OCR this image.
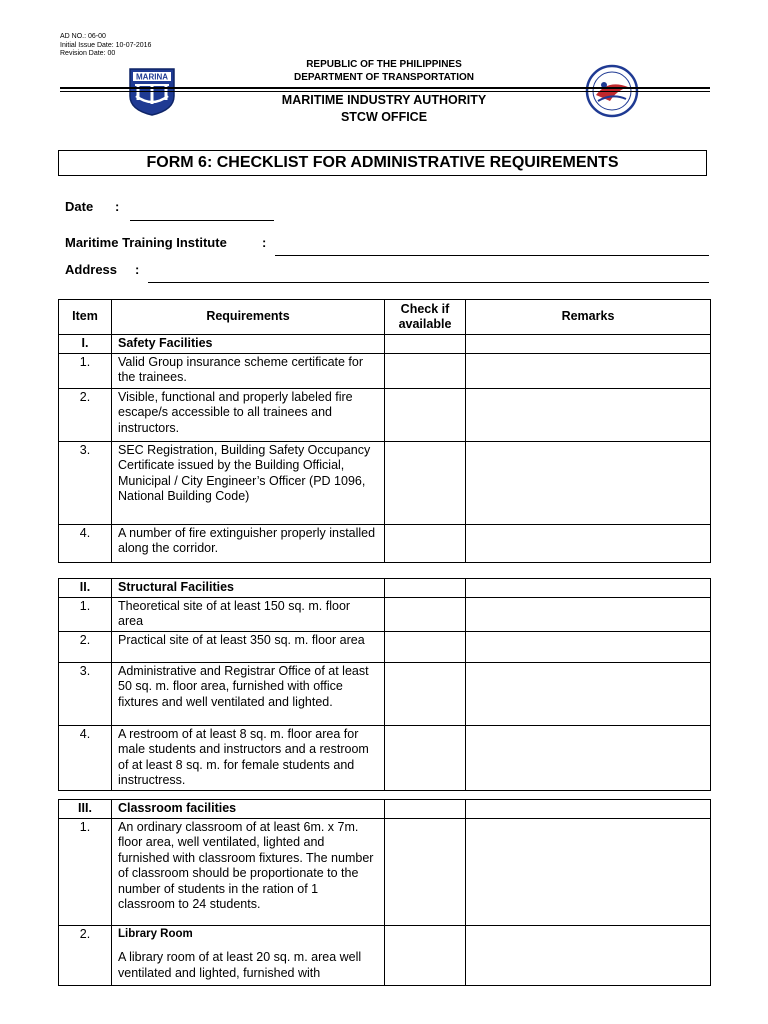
AD NO.: 06-00
Initial Issue Date: 10-07-2016
Revision Date: 00
MARINA
REPUBLIC OF THE PHILIPPINES
DEPARTMENT OF TRANSPORTATION
MARITIME INDUSTRY AUTHORITY
STCW OFFICE
FORM 6: CHECKLIST FOR ADMINISTRATIVE REQUIREMENTS
Date :
Maritime Training Institute	:
Address :
Item	Requirements	Check if available	Remarks
I.	Safety Facilities		
1.	Valid Group insurance scheme certificate for the trainees.		
2.	Visible, functional and properly labeled fire escape/s accessible to all trainees and instructors.		
3.	SEC Registration, Building Safety Occupancy Certificate issued by the Building Official, Municipal / City Engineer’s Officer (PD 1096, National Building Code)		
4.	A number of fire extinguisher properly installed along the corridor.		
II.	Structural Facilities		
1.	Theoretical site of at least 150 sq. m. floor area		
2.	Practical site of at least 350 sq. m. floor area		
3.	Administrative and Registrar Office of at least 50 sq. m. floor area, furnished with office fixtures and well ventilated and lighted.		
4.	A restroom of at least 8 sq. m. floor area for male students and instructors and a restroom of at least 8 sq. m. for female students and instructress.		
III.	Classroom facilities		
1.	An ordinary classroom of at least 6m. x 7m. floor area, well ventilated, lighted and furnished with classroom fixtures. The number of classroom should be proportionate to the number of students in the ration of 1 classroom to 24 students.		
2.	Library Room
A library room of at least 20 sq. m. area well ventilated and lighted, furnished with		
